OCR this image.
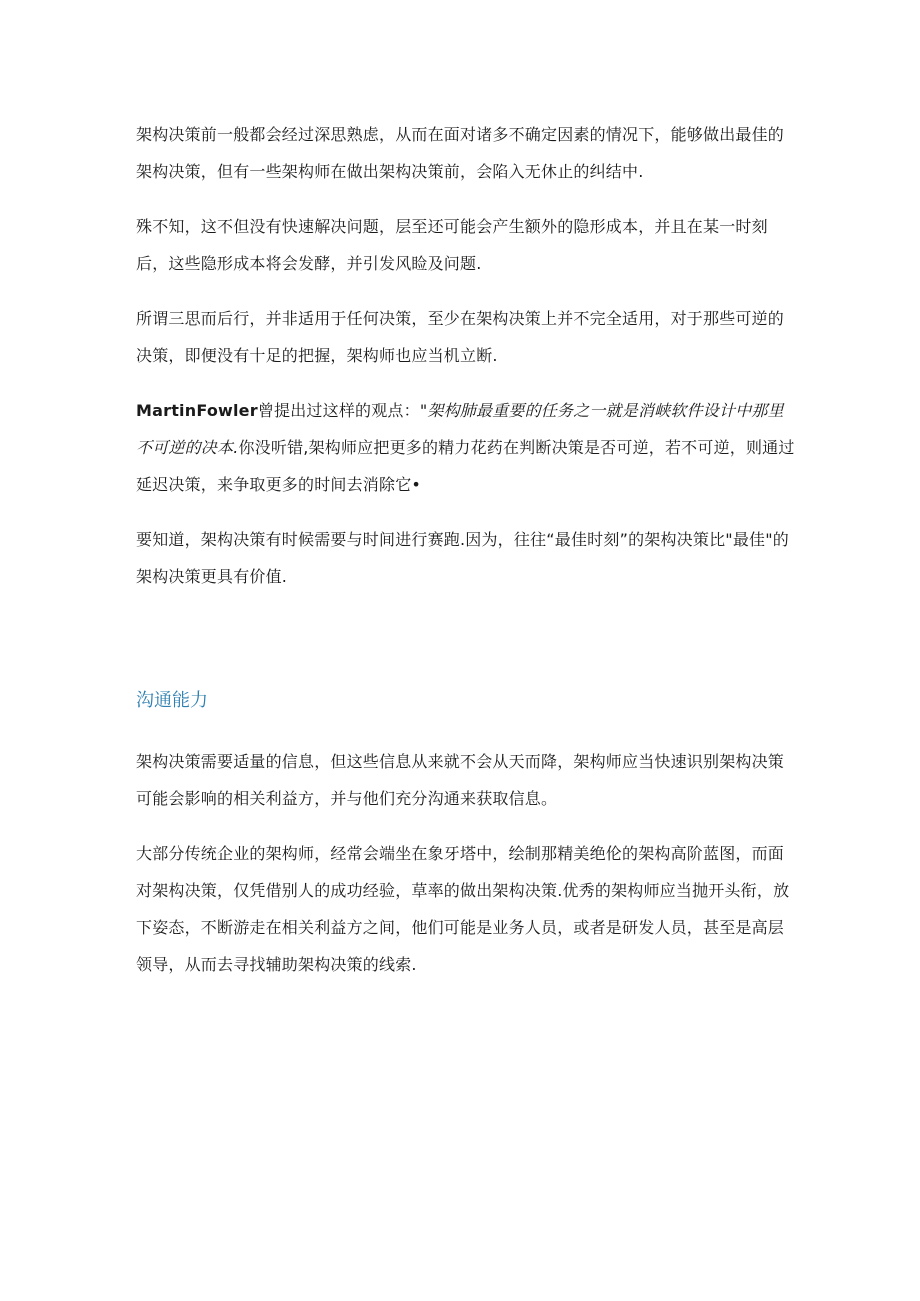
架构决策前一般都会经过深思熟虑，从而在面对诸多不确定因素的情况下，能够做出最佳的架构决策，但有一些架构师在做出架构决策前，会陷入无休止的纠结中.

殊不知，这不但没有快速解决问题，层至还可能会产生额外的隐形成本，并且在某一时刻后，这些隐形成本将会发酵，并引发风睑及问题.

所谓三思而后行，并非适用于任何决策，至少在架构决策上并不完全适用，对于那些可逆的决策，即便没有十足的把握，架构师也应当机立断.

MartinFowler曾提出过这样的观点："架构肺最重要的任务之一就是消峡软件设计中那里不可逆的决本.你没听错,架构师应把更多的精力花药在判断决策是否可逆，若不可逆，则通过延迟决策，来争取更多的时间去消除它•

要知道，架构决策有时候需要与时间进行赛跑.因为，往往“最佳时刻”的架构决策比"最佳"的架构决策更具有价值.

沟通能力

架构决策需要适量的信息，但这些信息从来就不会从天而降，架构师应当快速识别架构决策可能会影响的相关利益方，并与他们充分沟通来获取信息。

大部分传统企业的架构师，经常会端坐在象牙塔中，绘制那精美绝伦的架构高阶蓝图，而面对架构决策，仅凭借别人的成功经验，草率的做出架构决策.优秀的架构师应当抛开头衔，放下姿态，不断游走在相关利益方之间，他们可能是业务人员，或者是研发人员，甚至是高层领导，从而去寻找辅助架构决策的线索.
